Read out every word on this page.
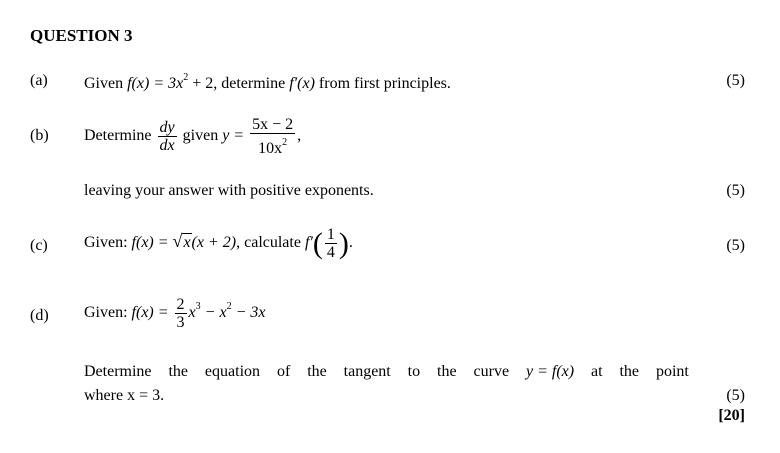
QUESTION 3
(a) Given $f(x) = 3x^2 + 2$, determine f′(x) from first principles.	(5)
(b) Determine $\frac{dy}{dx}$ given $y = \frac{5x - 2}{10x^2}$ ,
leaving your answer with positive exponents.	(5)
(c) Given: f(x) = √x(x + 2), calculate $f'( \frac{1}{4}$ ).	(5)
(d) Given: $f(x) = \frac{2}{3} x^3 - x^2 - 3x$
Determine the equation of the tangent to the curve y = f(x) at the point
where x = 3.	(5)
[20]
